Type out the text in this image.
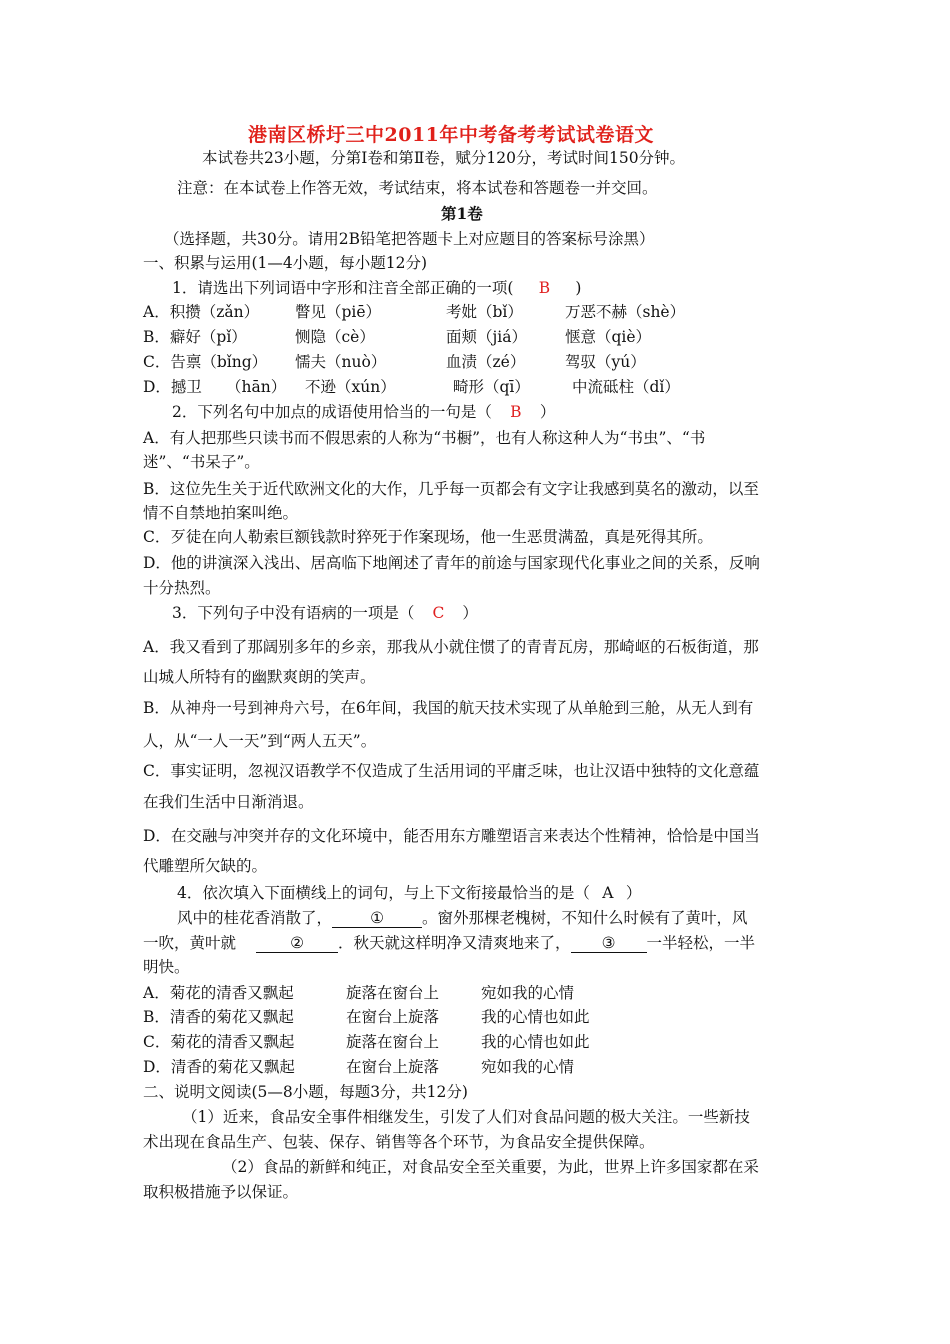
港南区桥圩三中2011年中考备考考试试卷语文
本试卷共23小题，分第Ⅰ卷和第Ⅱ卷，赋分120分，考试时间150分钟。
注意：在本试卷上作答无效，考试结束，将本试卷和答题卷一并交回。
第1卷
（选择题，共30分。请用2B铅笔把答题卡上对应题目的答案标号涂黑）
一、积累与运用(1—4小题，每小题12分)
1．请选出下列词语中字形和注音全部正确的一项( B )
A．积攒（zǎn） 瞥见（piē）	考妣（bǐ）	万恶不赫（shè）
B．癖好（pǐ）	恻隐（cè）	面颊（jiá） 惬意（qiè）
C．告禀（bǐng） 懦夫（nuò）	血渍（zé）	驾驭（yú）
D．撼卫 （hān） 不逊（xún）	畸形（qī）	中流砥柱（dǐ）
2．下列名句中加点的成语使用恰当的一句是（ B ）
A．有人把那些只读书而不假思索的人称为“书橱”，也有人称这种人为“书虫”、“书
迷”、“书呆子”。
B．这位先生关于近代欧洲文化的大作，几乎每一页都会有文字让我感到莫名的激动，以至
情不自禁地拍案叫绝。
C．歹徒在向人勒索巨额钱款时猝死于作案现场，他一生恶贯满盈，真是死得其所。
D．他的讲演深入浅出、居高临下地阐述了青年的前途与国家现代化事业之间的关系，反响
十分热烈。
3．下列句子中没有语病的一项是（ C ）
A．我又看到了那阔别多年的乡亲，那我从小就住惯了的青青瓦房，那崎岖的石板街道，那
山城人所特有的幽默爽朗的笑声。
B．从神舟一号到神舟六号，在6年间，我国的航天技术实现了从单舱到三舱，从无人到有
人，从“一人一天”到“两人五天”。
C．事实证明，忽视汉语教学不仅造成了生活用词的平庸乏味，也让汉语中独特的文化意蕴
在我们生活中日渐消退。
D．在交融与冲突并存的文化环境中，能否用东方雕塑语言来表达个性精神，恰恰是中国当
代雕塑所欠缺的。
4．依次填入下面横线上的词句，与上下文衔接最恰当的是（ A ）
风中的桂花香消散了， ① 。窗外那棵老槐树，不知什么时候有了黄叶，风
一吹，黄叶就	② ．秋天就这样明净又清爽地来了， ③ 一半轻松，一半
明快。
A．菊花的清香又飘起	旋落在窗台上	宛如我的心情
B．清香的菊花又飘起	在窗台上旋落	我的心情也如此
C．菊花的清香又飘起	旋落在窗台上	我的心情也如此
D．清香的菊花又飘起	在窗台上旋落	宛如我的心情
二、说明文阅读(5—8小题，每题3分，共12分)
（1）近来，食品安全事件相继发生，引发了人们对食品问题的极大关注。一些新技
术出现在食品生产、包装、保存、销售等各个环节，为食品安全提供保障。
（2）食品的新鲜和纯正，对食品安全至关重要，为此，世界上许多国家都在采
取积极措施予以保证。
